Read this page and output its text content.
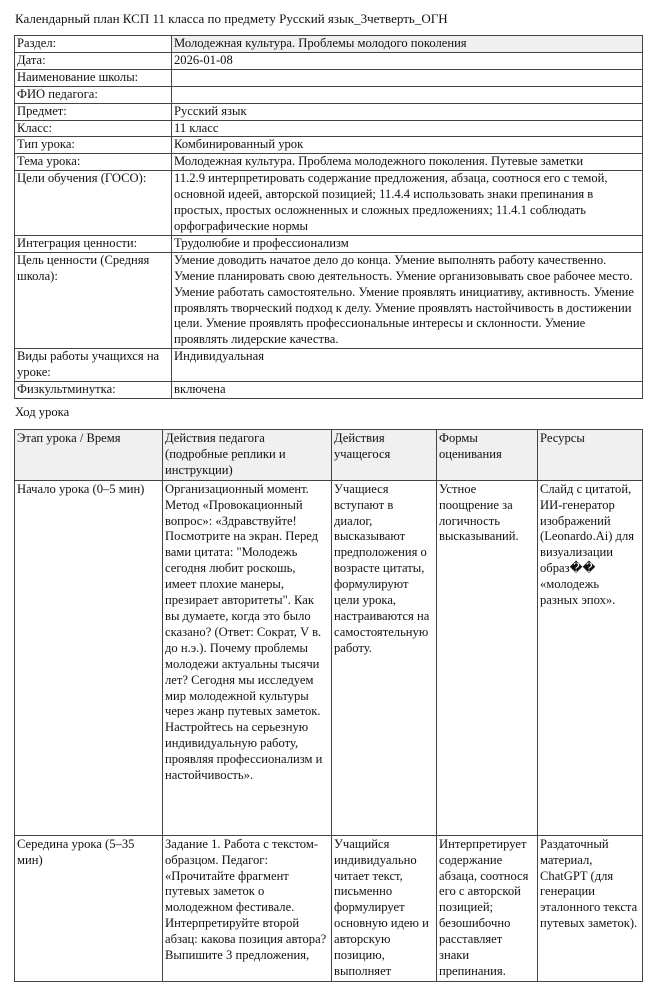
Календарный план КСП 11 класса по предмету Русский язык_3четверть_ОГН
Раздел:	Молодежная культура. Проблемы молодого поколения
Дата:	2026-01-08
Наименование школы:	
ФИО педагога:	
Предмет:	Русский язык
Класс:	11 класс
Тип урока:	Комбинированный урок
Тема урока:	Молодежная культура. Проблема молодежного поколения. Путевые заметки
Цели обучения (ГОСО):	11.2.9 интерпретировать содержание предложения, абзаца, соотнося его с темой, основной идеей, авторской позицией; 11.4.4 использовать знаки препинания в простых, простых осложненных и сложных предложениях; 11.4.1 соблюдать орфографические нормы
Интеграция ценности:	Трудолюбие и профессионализм
Цель ценности (Средняя школа):	Умение доводить начатое дело до конца. Умение выполнять работу качественно. Умение планировать свою деятельность. Умение организовывать свое рабочее место. Умение работать самостоятельно. Умение проявлять инициативу, активность. Умение проявлять творческий подход к делу. Умение проявлять настойчивость в достижении цели. Умение проявлять профессиональные интересы и склонности. Умение проявлять лидерские качества.
Виды работы учащихся на уроке:	Индивидуальная
Физкультминутка:	включена
Ход урока
Этап урока / Время	Действия педагога (подробные реплики и инструкции)	Действия учащегося	Формы оценивания	Ресурсы
Начало урока (0–5 мин)	Организационный момент. Метод «Провокационный вопрос»: «Здравствуйте! Посмотрите на экран. Перед вами цитата: "Молодежь сегодня любит роскошь, имеет плохие манеры, презирает авторитеты". Как вы думаете, когда это было сказано? (Ответ: Сократ, V в. до н.э.). Почему проблемы молодежи актуальны тысячи лет? Сегодня мы исследуем мир молодежной культуры через жанр путевых заметок. Настройтесь на серьезную индивидуальную работу, проявляя профессионализм и настойчивость».	Учащиеся вступают в диалог, высказывают предположения о возрасте цитаты, формулируют цели урока, настраиваются на самостоятельную работу.	Устное поощрение за логичность высказываний.	Слайд с цитатой, ИИ-генератор изображений (Leonardo.Ai) для визуализации образ�� «молодежь разных эпох».
Середина урока (5–35 мин)	Задание 1. Работа с текстом-образцом. Педагог: «Прочитайте фрагмент путевых заметок о молодежном фестивале. Интерпретируйте второй абзац: какова позиция автора? Выпишите 3 предложения,	Учащийся индивидуально читает текст, письменно формулирует основную идею и авторскую позицию, выполняет	Интерпретирует содержание абзаца, соотнося его с авторской позицией; безошибочно расставляет знаки препинания.	Раздаточный материал, ChatGPT (для генерации эталонного текста путевых заметок).
